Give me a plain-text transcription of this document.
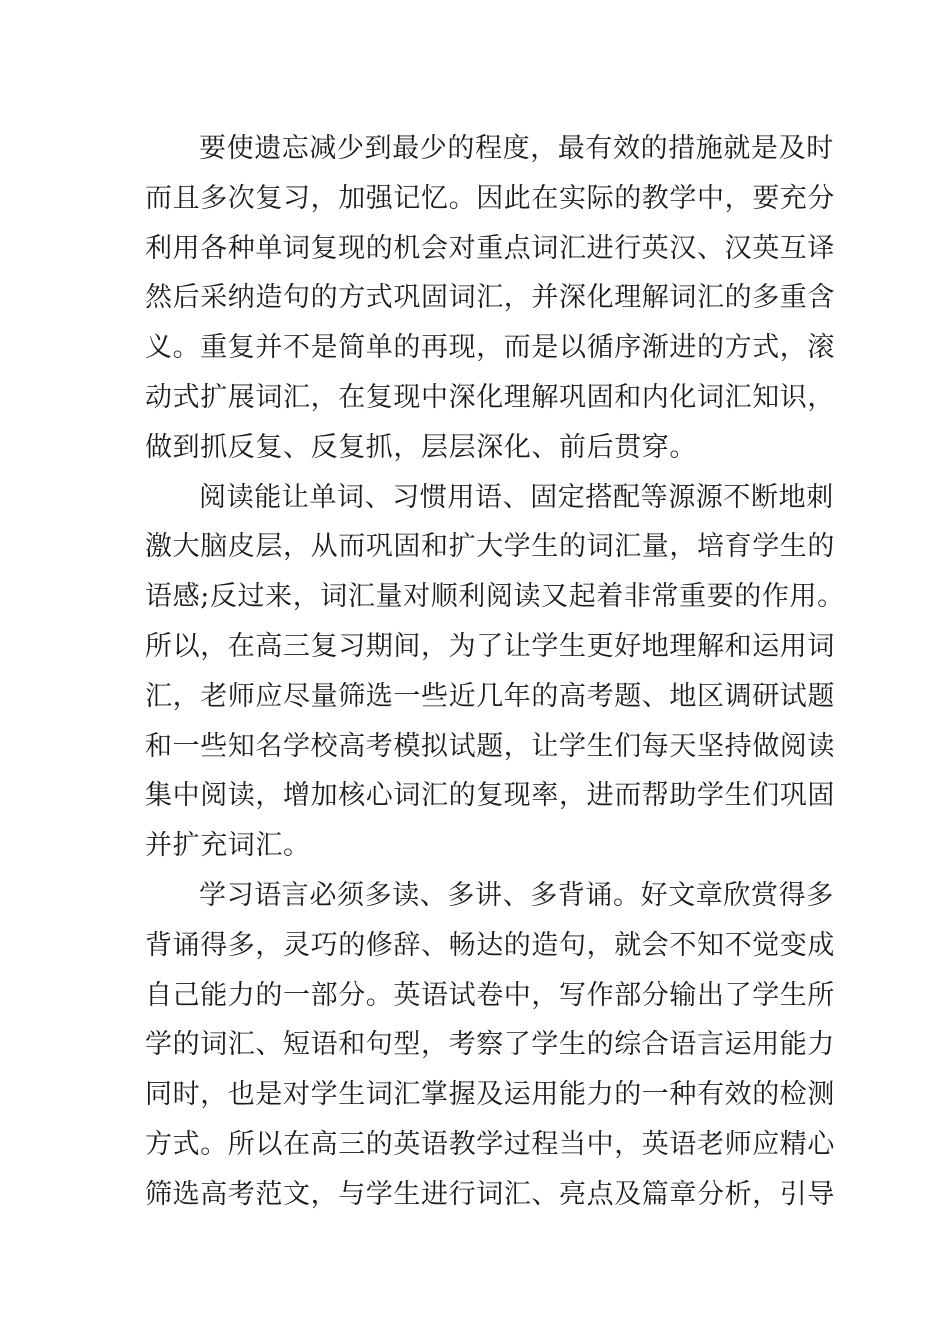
要使遗忘减少到最少的程度，最有效的措施就是及时
而且多次复习，加强记忆。因此在实际的教学中，要充分
利用各种单词复现的机会对重点词汇进行英汉、汉英互译
然后采纳造句的方式巩固词汇，并深化理解词汇的多重含
义。重复并不是简单的再现，而是以循序渐进的方式，滚
动式扩展词汇，在复现中深化理解巩固和内化词汇知识，
做到抓反复、反复抓，层层深化、前后贯穿。
阅读能让单词、习惯用语、固定搭配等源源不断地刺
激大脑皮层，从而巩固和扩大学生的词汇量，培育学生的
语感;反过来，词汇量对顺利阅读又起着非常重要的作用。
所以，在高三复习期间，为了让学生更好地理解和运用词
汇，老师应尽量筛选一些近几年的高考题、地区调研试题
和一些知名学校高考模拟试题，让学生们每天坚持做阅读
集中阅读，增加核心词汇的复现率，进而帮助学生们巩固
并扩充词汇。
学习语言必须多读、多讲、多背诵。好文章欣赏得多
背诵得多，灵巧的修辞、畅达的造句，就会不知不觉变成
自己能力的一部分。英语试卷中，写作部分输出了学生所
学的词汇、短语和句型，考察了学生的综合语言运用能力
同时，也是对学生词汇掌握及运用能力的一种有效的检测
方式。所以在高三的英语教学过程当中，英语老师应精心
筛选高考范文，与学生进行词汇、亮点及篇章分析，引导
